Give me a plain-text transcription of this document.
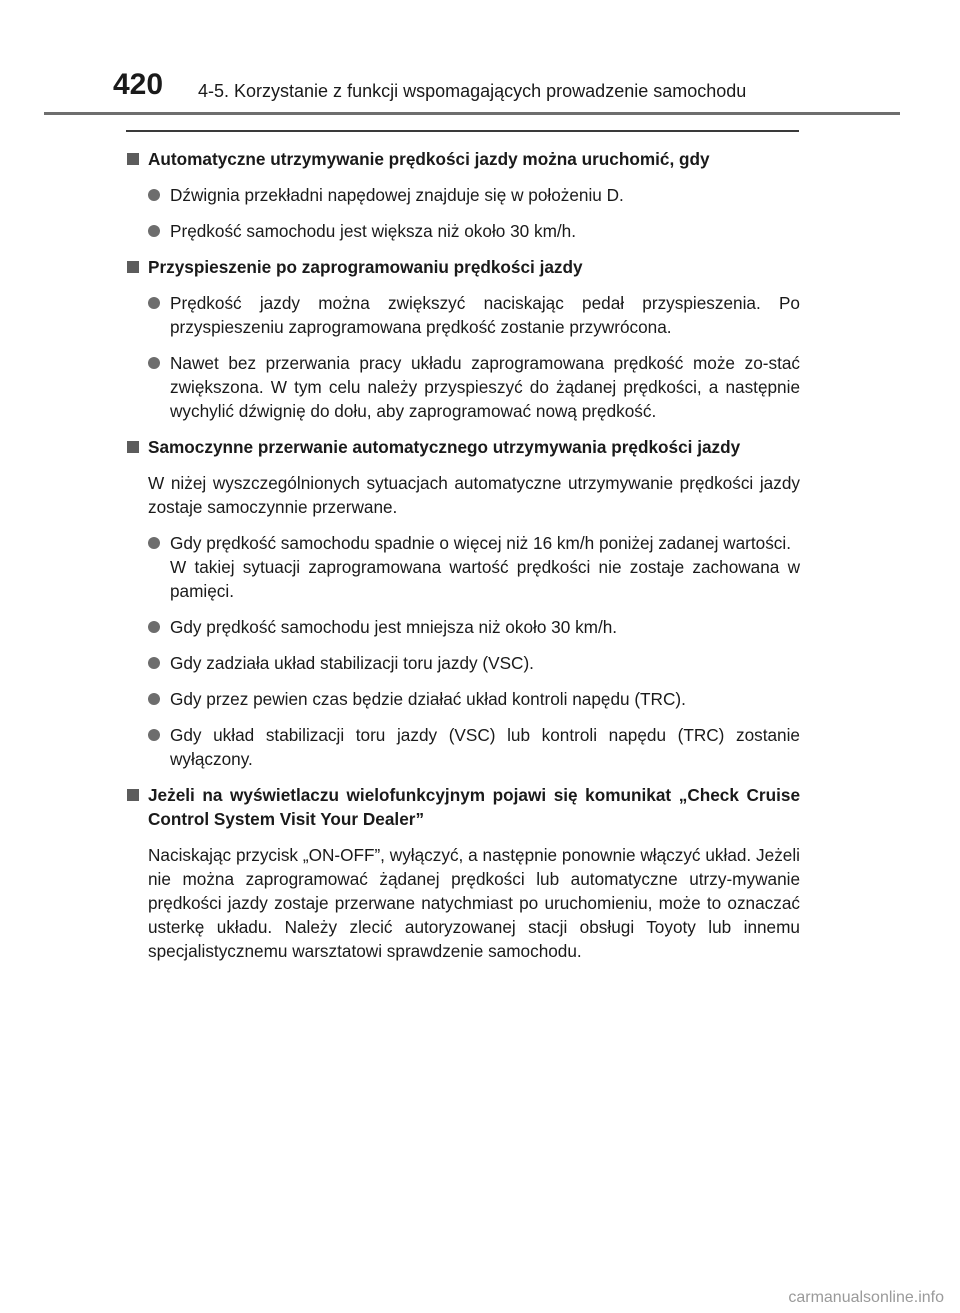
420 4-5. Korzystanie z funkcji wspomagających prowadzenie samochodu
Automatyczne utrzymywanie prędkości jazdy można uruchomić, gdy
Dźwignia przekładni napędowej znajduje się w położeniu D.
Prędkość samochodu jest większa niż około 30 km/h.
Przyspieszenie po zaprogramowaniu prędkości jazdy
Prędkość jazdy można zwiększyć naciskając pedał przyspieszenia. Po przyspieszeniu zaprogramowana prędkość zostanie przywrócona.
Nawet bez przerwania pracy układu zaprogramowana prędkość może zo-stać zwiększona. W tym celu należy przyspieszyć do żądanej prędkości, a następnie wychylić dźwignię do dołu, aby zaprogramować nową prędkość.
Samoczynne przerwanie automatycznego utrzymywania prędkości jazdy
W niżej wyszczególnionych sytuacjach automatyczne utrzymywanie prędkości jazdy zostaje samoczynnie przerwane.
Gdy prędkość samochodu spadnie o więcej niż 16 km/h poniżej zadanej wartości.
W takiej sytuacji zaprogramowana wartość prędkości nie zostaje zachowana w pamięci.
Gdy prędkość samochodu jest mniejsza niż około 30 km/h.
Gdy zadziała układ stabilizacji toru jazdy (VSC).
Gdy przez pewien czas będzie działać układ kontroli napędu (TRC).
Gdy układ stabilizacji toru jazdy (VSC) lub kontroli napędu (TRC) zostanie wyłączony.
Jeżeli na wyświetlaczu wielofunkcyjnym pojawi się komunikat „Check Cruise Control System Visit Your Dealer”
Naciskając przycisk „ON-OFF”, wyłączyć, a następnie ponownie włączyć układ. Jeżeli nie można zaprogramować żądanej prędkości lub automatyczne utrzy-mywanie prędkości jazdy zostaje przerwane natychmiast po uruchomieniu, może to oznaczać usterkę układu. Należy zlecić autoryzowanej stacji obsługi Toyoty lub innemu specjalistycznemu warsztatowi sprawdzenie samochodu.
carmanualsonline.info
